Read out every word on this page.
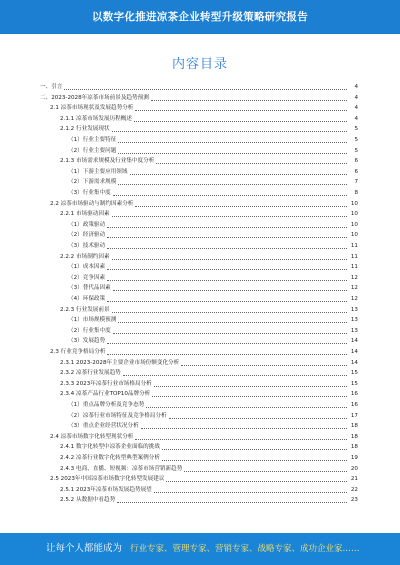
以数字化推进凉茶企业转型升级策略研究报告
内容目录
一、引言	4
二、2023-2028年凉茶市场前景及趋势预测	4
2.1 凉茶市场现状及发展趋势分析	4
2.1.1 凉茶市场发展历程概述	4
2.1.2 行业发展现状	5
（1）行业主要特征	5
（2）行业主要问题	5
2.1.3 市场需求规模及行业集中度分析	6
（1）下游主要应用领域	6
（2）下游需求规模	7
（3）行业集中度	8
2.2 凉茶市场驱动与制约因素分析	10
2.2.1 市场驱动因素	10
（1）政策驱动	10
（2）经济驱动	10
（3）技术驱动	11
2.2.2 市场制约因素	11
（1）成本因素	11
（2）竞争因素	12
（3）替代品因素	12
（4）环保政策	12
2.2.3 行业发展前景	13
（1）市场规模预测	13
（2）行业集中度	13
（3）发展趋势	14
2.3 行业竞争格局分析	14
2.3.1 2023-2028年主要企业市场份额变化分析	14
2.3.2 凉茶行业发展趋势	15
2.3.3 2023年凉茶行业市场格局分析	15
2.3.4 凉茶产品行业TOP10品牌分析	16
（1）重点品牌分析及竞争态势	16
（2）凉茶行业市场特征及竞争格局分析	17
（3）重点企业经营状况分析	18
2.4 凉茶市场数字化转型现状分析	18
2.4.1 数字化转型中凉茶企业面临的挑战	18
2.4.2 凉茶行业数字化转型典型案例分析	19
2.4.3 电商、直播、短视频：凉茶市场营销新趋势	20
2.5 2023年中国凉茶市场数字化转型发展建议	21
2.5.1 2023年凉茶市场发展趋势展望	22
2.5.2 从数据中看趋势	23
让每个人都能成为 行业专家、管理专家、营销专家、战略专家、成功企业家……
